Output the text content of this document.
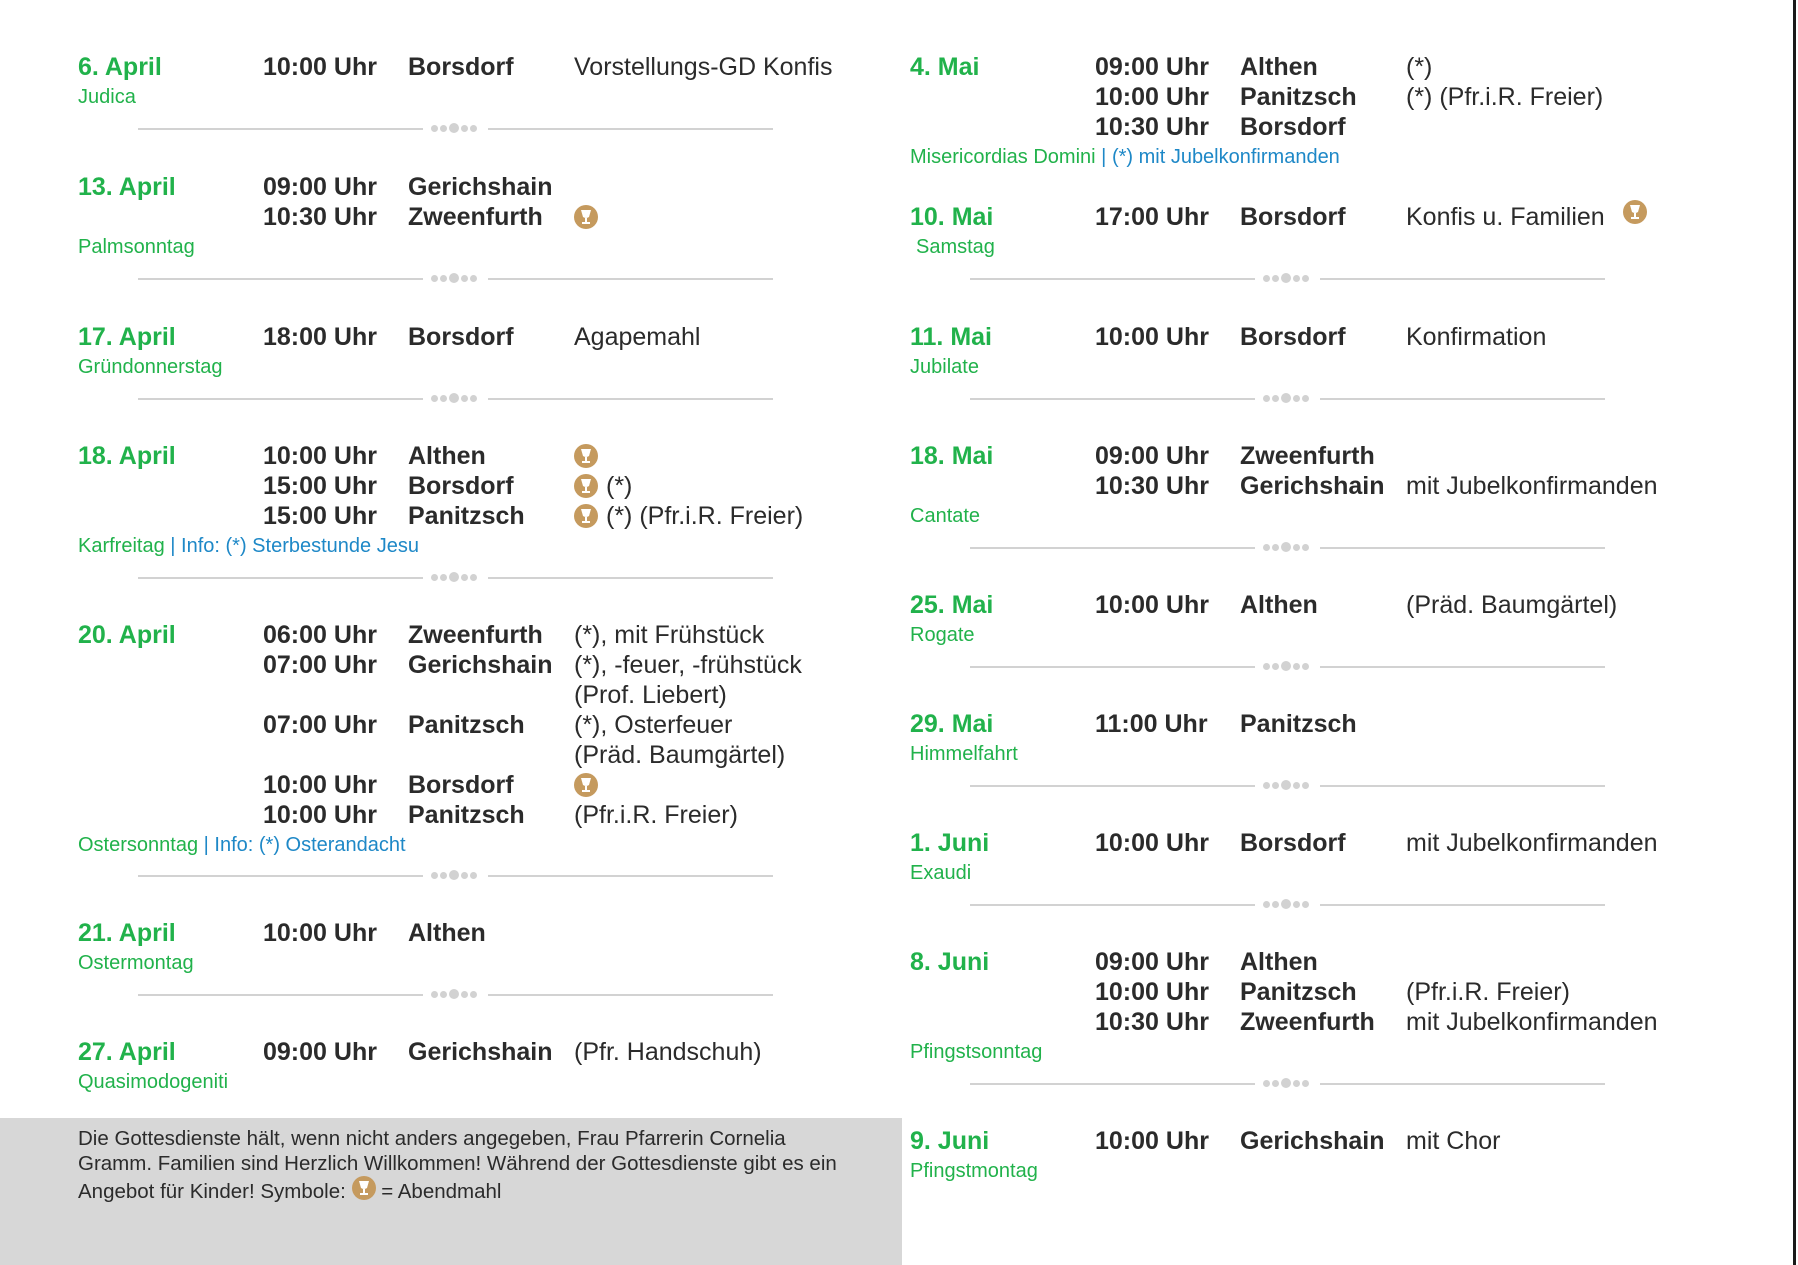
6. April	10:00 Uhr Borsdorf Vorstellungs-GD Konfis
Judica
13. April	09:00 Uhr Gerichshain
10:30 Uhr Zweenfurth
Palmsonntag
17. April	18:00 Uhr Borsdorf Agapemahl
Gründonnerstag
18. April	10:00 Uhr Althen
15:00 Uhr Borsdorf	(*)
15:00 Uhr Panitzsch	(*) (Pfr.i.R. Freier)
Karfreitag | Info: (*) Sterbestunde Jesu
20. April	06:00 Uhr Zweenfurth (*), mit Frühstück
07:00 Uhr Gerichshain (*), -feuer, -frühstück
(Prof. Liebert)
07:00 Uhr Panitzsch (*), Osterfeuer
(Präd. Baumgärtel)
10:00 Uhr Borsdorf
10:00 Uhr Panitzsch (Pfr.i.R. Freier)
Ostersonntag | Info: (*) Osterandacht
21. April	10:00 Uhr Althen
Ostermontag
27. April	09:00 Uhr Gerichshain (Pfr. Handschuh)
Quasimodogeniti
4. Mai	09:00 Uhr Althen	(*)
10:00 Uhr Panitzsch (*) (Pfr.i.R. Freier)
10:30 Uhr Borsdorf
Misericordias Domini | (*) mit Jubelkonfirmanden
10. Mai	17:00 Uhr Borsdorf Konfis u. Familien
Samstag
11. Mai	10:00 Uhr Borsdorf Konfirmation
Jubilate
18. Mai	09:00 Uhr Zweenfurth
10:30 Uhr Gerichshain mit Jubelkonfirmanden
Cantate
25. Mai	10:00 Uhr Althen	(Präd. Baumgärtel)
Rogate
29. Mai	11:00 Uhr Panitzsch
Himmelfahrt
1. Juni	10:00 Uhr Borsdorf mit Jubelkonfirmanden
Exaudi
8. Juni	09:00 Uhr Althen
10:00 Uhr Panitzsch (Pfr.i.R. Freier)
10:30 Uhr Zweenfurth mit Jubelkonfirmanden
Pfingstsonntag
9. Juni	10:00 Uhr Gerichshain mit Chor
Pfingstmontag

Die Gottesdienste hält, wenn nicht anders angegeben, Frau Pfarrerin Cornelia Gramm. Familien sind Herzlich Willkommen! Während der Gottesdienste gibt es ein Angebot für Kinder! Symbole: = Abendmahl
